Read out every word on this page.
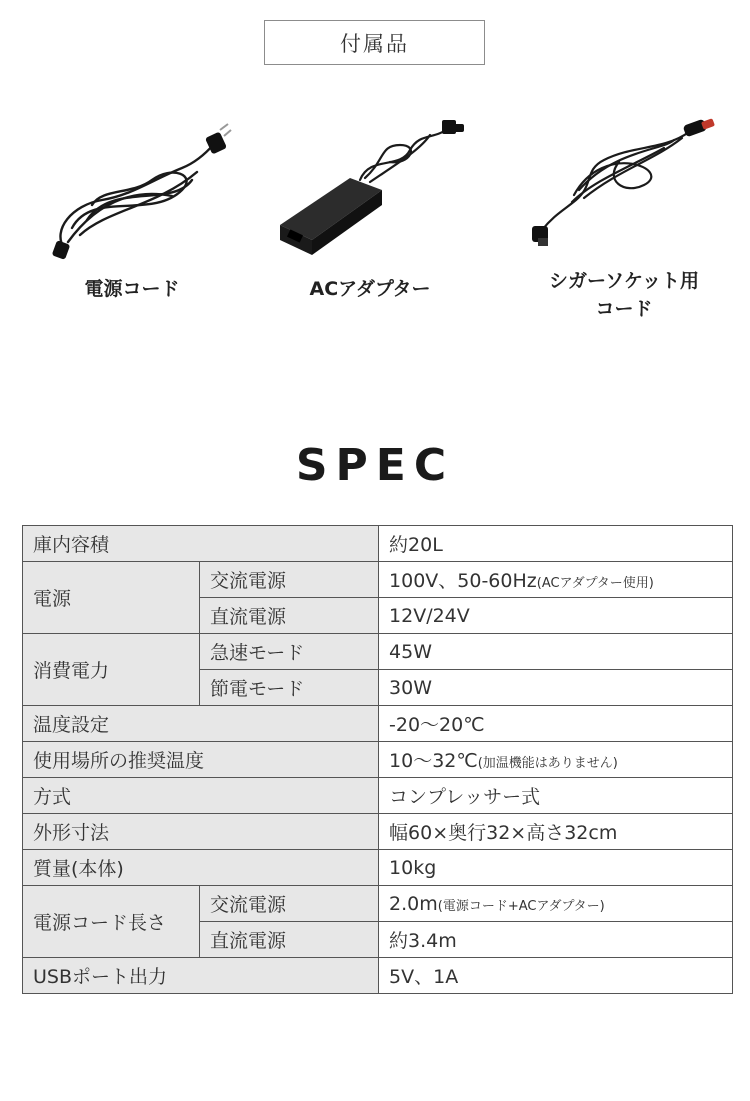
付属品
電源コード	ACアダプター	シガーソケット用
コード
SPEC
庫内容積		約20L
電源	交流電源	100V、50-60Hz(ACアダプター使用)
	直流電源	12V/24V
消費電力	急速モード	45W
	節電モード	30W
温度設定		-20～20℃
使用場所の推奨温度		10～32℃(加温機能はありません)
方式		コンプレッサー式
外形寸法		幅60×奥行32×高さ32cm
質量(本体)		10kg
電源コード長さ	交流電源	2.0m(電源コード+ACアダプター)
	直流電源	約3.4m
USBポート出力		5V、1A
